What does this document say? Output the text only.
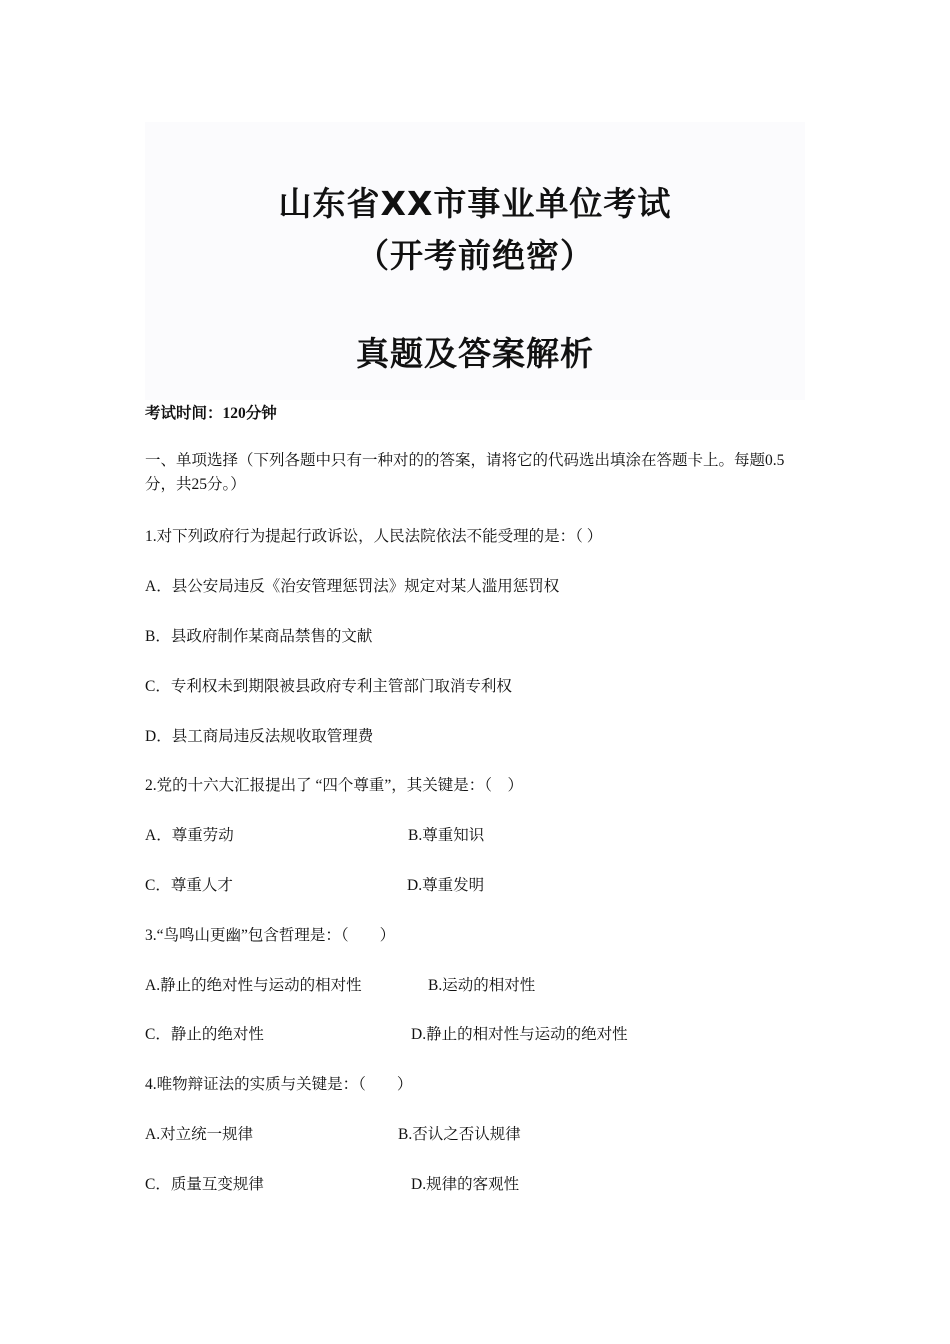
山东省XX市事业单位考试
（开考前绝密）
真题及答案解析
考试时间：120分钟
一、单项选择（下列各题中只有一种对的的答案，请将它的代码选出填涂在答题卡上。每题0.5分，共25分。）
1.对下列政府行为提起行政诉讼，人民法院依法不能受理的是：（ ）
A．县公安局违反《治安管理惩罚法》规定对某人滥用惩罚权
B．县政府制作某商品禁售的文献
C．专利权未到期限被县政府专利主管部门取消专利权
D．县工商局违反法规收取管理费
2.党的十六大汇报提出了 “四个尊重”，其关键是：（　）
A．尊重劳动	B.尊重知识
C．尊重人才	D.尊重发明
3.“鸟鸣山更幽”包含哲理是：（　　）
A.静止的绝对性与运动的相对性	B.运动的相对性
C．静止的绝对性	D.静止的相对性与运动的绝对性
4.唯物辩证法的实质与关键是：（　　）
A.对立统一规律	B.否认之否认规律
C．质量互变规律	D.规律的客观性
